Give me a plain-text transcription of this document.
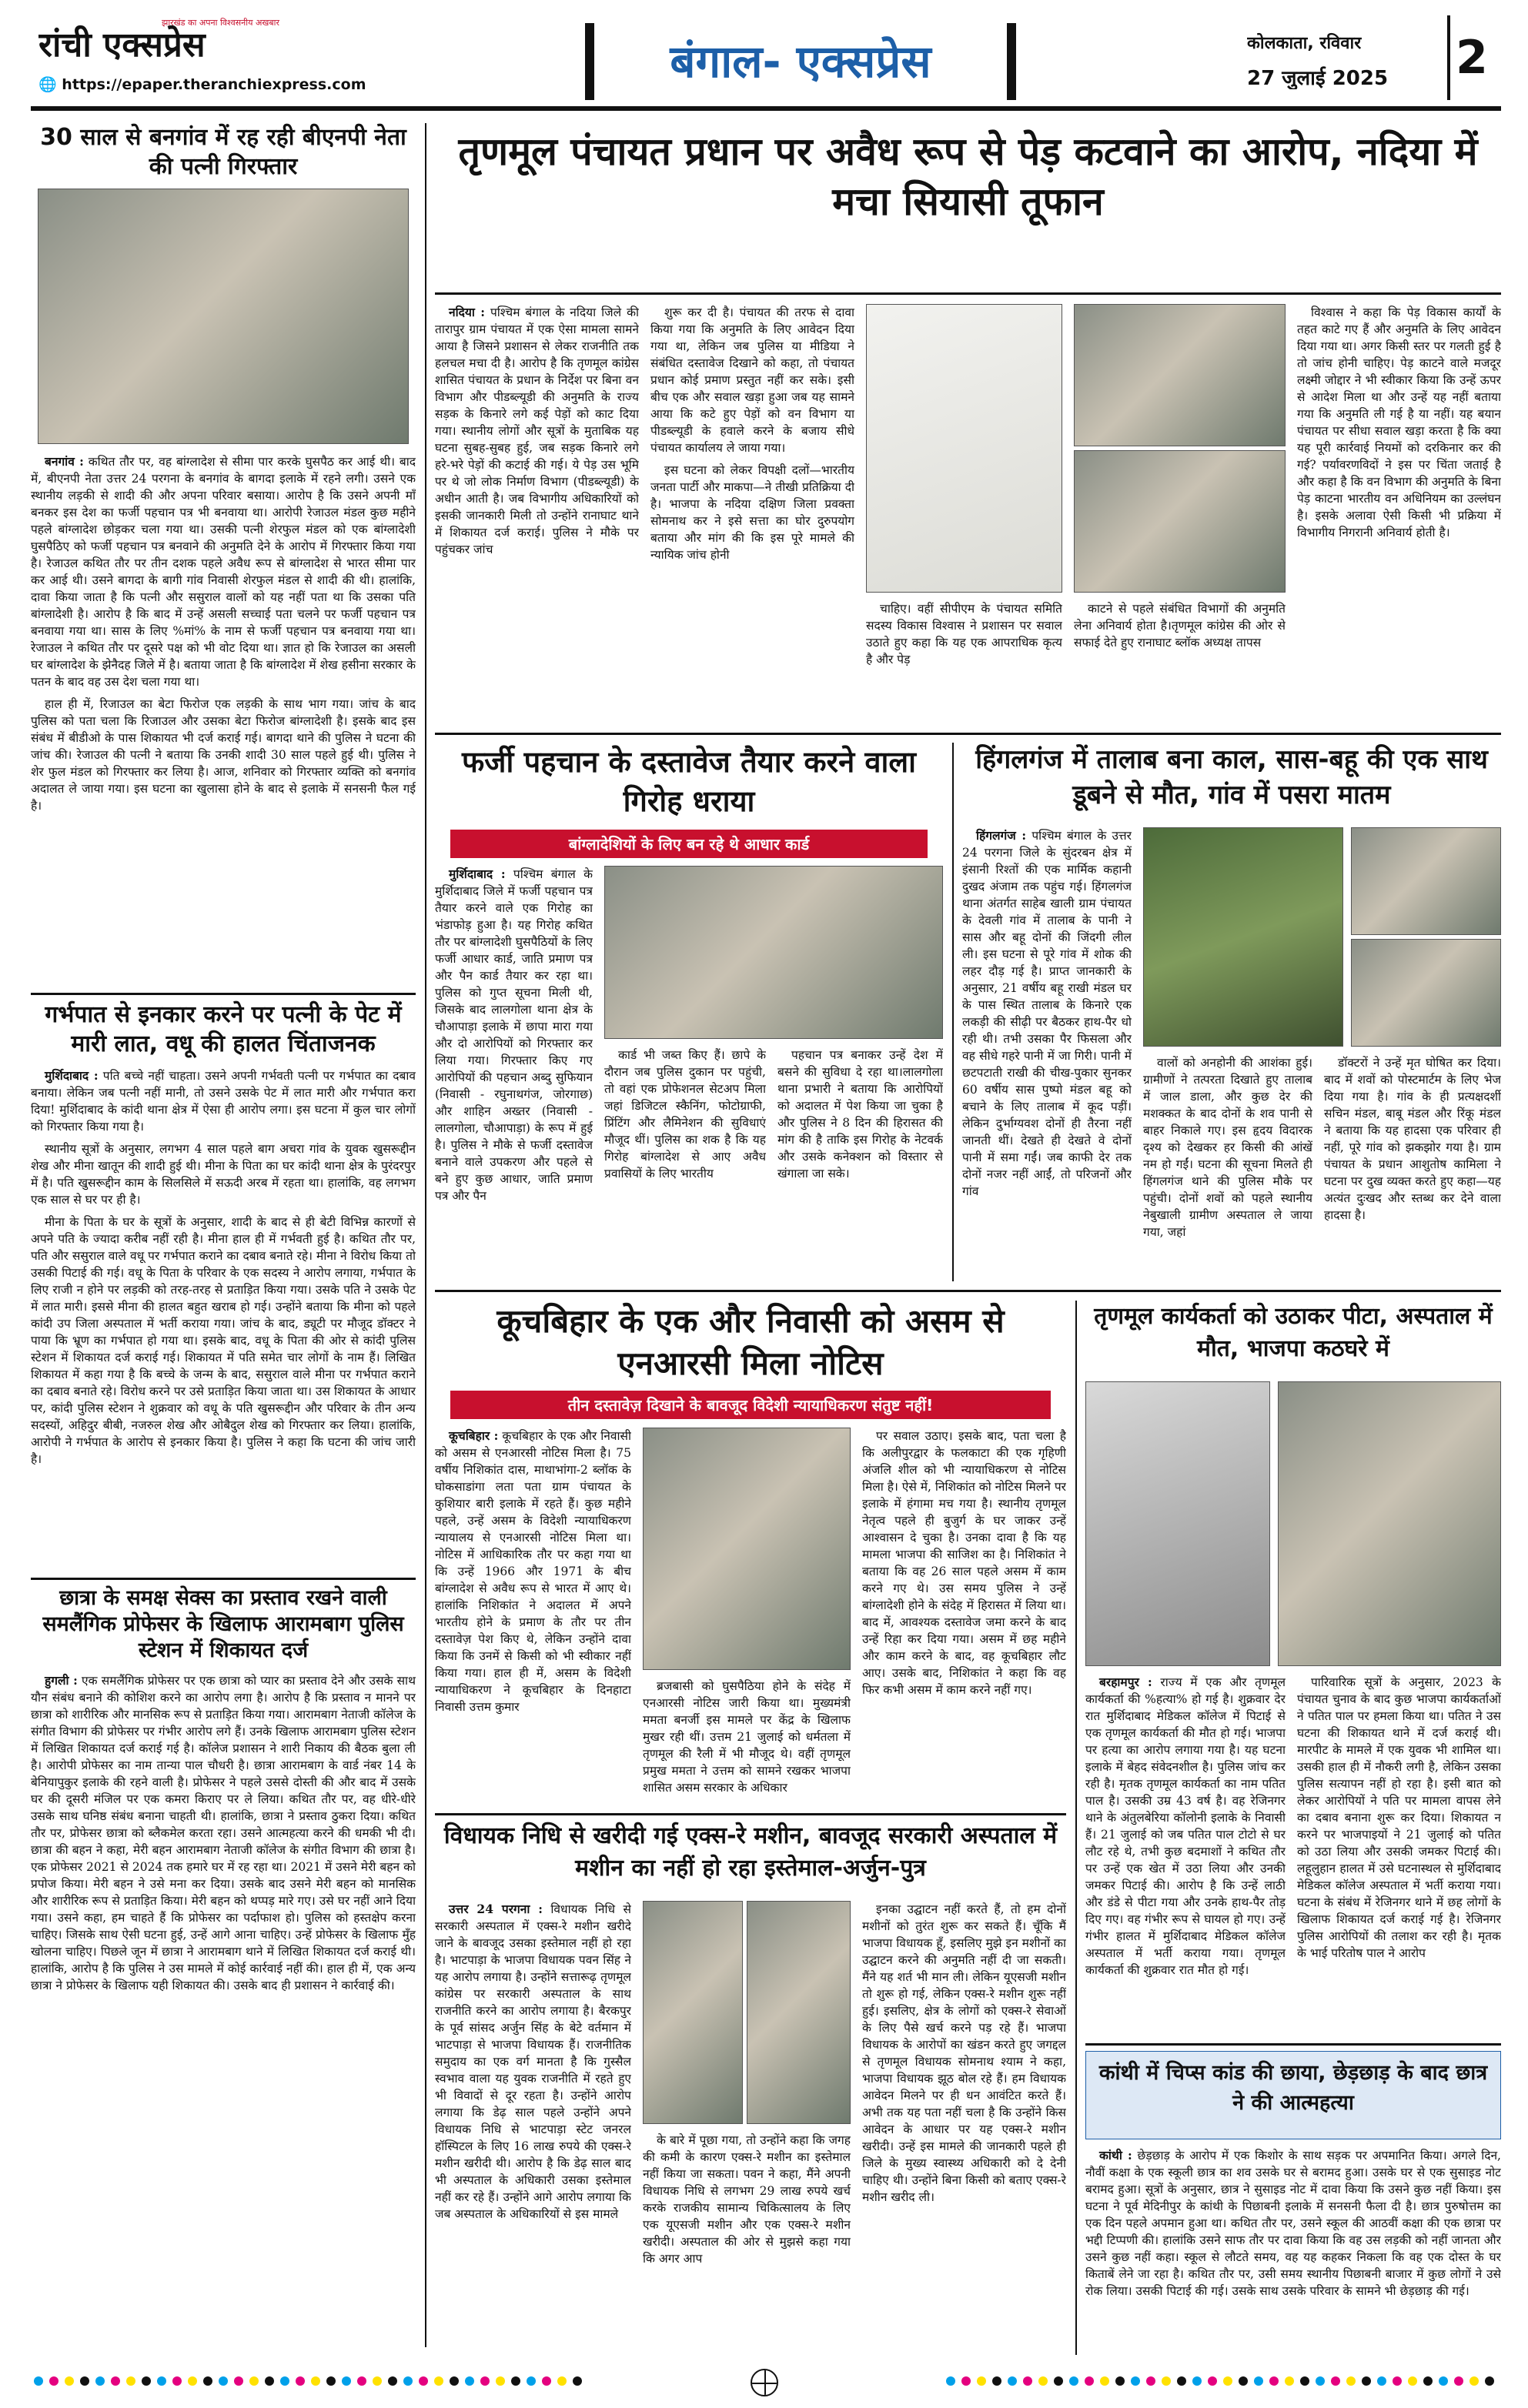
रांची एक्सप्रेस
झारखंड का अपना विश्वसनीय अखबार
🌐 https://epaper.theranchiexpress.com	बंगाल- एक्सप्रेस	कोलकाता, रविवार
27 जुलाई 2025	2
30 साल से बनगांव में रह रही बीएनपी नेता की पत्नी गिरफ्तार

बनगांव : कथित तौर पर, वह बांग्लादेश से सीमा पार करके घुसपैठ कर आई थी। बाद में, बीएनपी नेता उत्तर 24 परगना के बनगांव के बागदा इलाके में रहने लगी। उसने एक स्थानीय लड़की से शादी की और अपना परिवार बसाया। आरोप है कि उसने अपनी माँ बनकर इस देश का फर्जी पहचान पत्र भी बनवाया था। आरोपी रेजाउल मंडल कुछ महीने पहले बांग्लादेश छोड़कर चला गया था। उसकी पत्नी शेरफुल मंडल को एक बांग्लादेशी घुसपैठिए को फर्जी पहचान पत्र बनवाने की अनुमति देने के आरोप में गिरफ्तार किया गया है। रेजाउल कथित तौर पर तीन दशक पहले अवैध रूप से बांग्लादेश से भारत सीमा पार कर आई थी। उसने बागदा के बागी गांव निवासी शेरफुल मंडल से शादी की थी। हालांकि, दावा किया जाता है कि पत्नी और ससुराल वालों को यह नहीं पता था कि उसका पति बांग्लादेशी है। आरोप है कि बाद में उन्हें असली सच्चाई पता चलने पर फर्जी पहचान पत्र बनवाया गया था। सास के लिए %मां% के नाम से फर्जी पहचान पत्र बनवाया गया था। रेजाउल ने कथित तौर पर दूसरे पक्ष को भी वोट दिया था। ज्ञात हो कि रेजाउल का असली घर बांग्लादेश के झेनैदह जिले में है। बताया जाता है कि बांग्लादेश में शेख हसीना सरकार के पतन के बाद वह उस देश चला गया था।

हाल ही में, रिजाउल का बेटा फिरोज एक लड़की के साथ भाग गया। जांच के बाद पुलिस को पता चला कि रिजाउल और उसका बेटा फिरोज बांग्लादेशी है। इसके बाद इस संबंध में बीडीओ के पास शिकायत भी दर्ज कराई गई। बागदा थाने की पुलिस ने घटना की जांच की। रेजाउल की पत्नी ने बताया कि उनकी शादी 30 साल पहले हुई थी। पुलिस ने शेर फुल मंडल को गिरफ्तार कर लिया है। आज, शनिवार को गिरफ्तार व्यक्ति को बनगांव अदालत ले जाया गया। इस घटना का खुलासा होने के बाद से इलाके में सनसनी फैल गई है।

गर्भपात से इनकार करने पर पत्नी के पेट में मारी लात, वधू की हालत चिंताजनक

मुर्शिदाबाद : पति बच्चे नहीं चाहता। उसने अपनी गर्भवती पत्नी पर गर्भपात का दबाव बनाया। लेकिन जब पत्नी नहीं मानी, तो उसने उसके पेट में लात मारी और गर्भपात करा दिया! मुर्शिदाबाद के कांदी थाना क्षेत्र में ऐसा ही आरोप लगा। इस घटना में कुल चार लोगों को गिरफ्तार किया गया है।

स्थानीय सूत्रों के अनुसार, लगभग 4 साल पहले बाग अचरा गांव के युवक खुसरूद्दीन शेख और मीना खातून की शादी हुई थी। मीना के पिता का घर कांदी थाना क्षेत्र के पुरंदरपुर में है। पति खुसरूद्दीन काम के सिलसिले में सऊदी अरब में रहता था। हालांकि, वह लगभग एक साल से घर पर ही है।

मीना के पिता के घर के सूत्रों के अनुसार, शादी के बाद से ही बेटी विभिन्न कारणों से अपने पति के ज्यादा करीब नहीं रही है। मीना हाल ही में गर्भवती हुई है। कथित तौर पर, पति और ससुराल वाले वधू पर गर्भपात कराने का दबाव बनाते रहे। मीना ने विरोध किया तो उसकी पिटाई की गई। वधू के पिता के परिवार के एक सदस्य ने आरोप लगाया, गर्भपात के लिए राजी न होने पर लड़की को तरह-तरह से प्रताड़ित किया गया। उसके पति ने उसके पेट में लात मारी। इससे मीना की हालत बहुत खराब हो गई। उन्होंने बताया कि मीना को पहले कांदी उप जिला अस्पताल में भर्ती कराया गया। जांच के बाद, ड्यूटी पर मौजूद डॉक्टर ने पाया कि भ्रूण का गर्भपात हो गया था। इसके बाद, वधू के पिता की ओर से कांदी पुलिस स्टेशन में शिकायत दर्ज कराई गई। शिकायत में पति समेत चार लोगों के नाम हैं। लिखित शिकायत में कहा गया है कि बच्चे के जन्म के बाद, ससुराल वाले मीना पर गर्भपात कराने का दबाव बनाते रहे। विरोध करने पर उसे प्रताड़ित किया जाता था। उस शिकायत के आधार पर, कांदी पुलिस स्टेशन ने शुक्रवार को वधू के पति खुसरूद्दीन और परिवार के तीन अन्य सदस्यों, अहिदुर बीबी, नजरुल शेख और ओबैदुल शेख को गिरफ्तार कर लिया। हालांकि, आरोपी ने गर्भपात के आरोप से इनकार किया है। पुलिस ने कहा कि घटना की जांच जारी है।

छात्रा के समक्ष सेक्स का प्रस्ताव रखने वाली समलैंगिक प्रोफेसर के खिलाफ आरामबाग पुलिस स्टेशन में शिकायत दर्ज

हुगली : एक समलैंगिक प्रोफेसर पर एक छात्रा को प्यार का प्रस्ताव देने और उसके साथ यौन संबंध बनाने की कोशिश करने का आरोप लगा है। आरोप है कि प्रस्ताव न मानने पर छात्रा को शारीरिक और मानसिक रूप से प्रताड़ित किया गया। आरामबाग नेताजी कॉलेज के संगीत विभाग की प्रोफेसर पर गंभीर आरोप लगे हैं। उनके खिलाफ आरामबाग पुलिस स्टेशन में लिखित शिकायत दर्ज कराई गई है। कॉलेज प्रशासन ने शारी निकाय की बैठक बुला ली है। आरोपी प्रोफेसर का नाम तान्या पाल चौधरी है। छात्रा आरामबाग के वार्ड नंबर 14 के बेनियापुकुर इलाके की रहने वाली है। प्रोफेसर ने पहले उससे दोस्ती की और बाद में उसके घर की दूसरी मंजिल पर एक कमरा किराए पर ले लिया। कथित तौर पर, वह धीरे-धीरे उसके साथ घनिष्ठ संबंध बनाना चाहती थी। हालांकि, छात्रा ने प्रस्ताव ठुकरा दिया। कथित तौर पर, प्रोफेसर छात्रा को ब्लैकमेल करता रहा। उसने आत्महत्या करने की धमकी भी दी। छात्रा की बहन ने कहा, मेरी बहन आरामबाग नेताजी कॉलेज के संगीत विभाग की छात्रा है। एक प्रोफेसर 2021 से 2024 तक हमारे घर में रह रहा था। 2021 में उसने मेरी बहन को प्रपोज किया। मेरी बहन ने उसे मना कर दिया। उसके बाद उसने मेरी बहन को मानसिक और शारीरिक रूप से प्रताड़ित किया। मेरी बहन को थप्पड़ मारे गए। उसे घर नहीं आने दिया गया। उसने कहा, हम चाहते हैं कि प्रोफेसर का पर्दाफाश हो। पुलिस को हस्तक्षेप करना चाहिए। जिसके साथ ऐसी घटना हुई, उन्हें आगे आना चाहिए। उन्हें प्रोफेसर के खिलाफ मुँह खोलना चाहिए। पिछले जून में छात्रा ने आरामबाग थाने में लिखित शिकायत दर्ज कराई थी। हालांकि, आरोप है कि पुलिस ने उस मामले में कोई कार्रवाई नहीं की। हाल ही में, एक अन्य छात्रा ने प्रोफेसर के खिलाफ यही शिकायत की। उसके बाद ही प्रशासन ने कार्रवाई की।

तृणमूल पंचायत प्रधान पर अवैध रूप से पेड़ कटवाने का आरोप, नदिया में मचा सियासी तूफान

नदिया : पश्चिम बंगाल के नदिया जिले की तारापुर ग्राम पंचायत में एक ऐसा मामला सामने आया है जिसने प्रशासन से लेकर राजनीति तक हलचल मचा दी है। आरोप है कि तृणमूल कांग्रेस शासित पंचायत के प्रधान के निर्देश पर बिना वन विभाग और पीडब्ल्यूडी की अनुमति के राज्य सड़क के किनारे लगे कई पेड़ों को काट दिया गया। स्थानीय लोगों और सूत्रों के मुताबिक यह घटना सुबह-सुबह हुई, जब सड़क किनारे लगे हरे-भरे पेड़ों की कटाई की गई। ये पेड़ उस भूमि पर थे जो लोक निर्माण विभाग (पीडब्ल्यूडी) के अधीन आती है। जब विभागीय अधिकारियों को इसकी जानकारी मिली तो उन्होंने रानाघाट थाने में शिकायत दर्ज कराई। पुलिस ने मौके पर पहुंचकर जांच

शुरू कर दी है। पंचायत की तरफ से दावा किया गया कि अनुमति के लिए आवेदन दिया गया था, लेकिन जब पुलिस या मीडिया ने संबंधित दस्तावेज दिखाने को कहा, तो पंचायत प्रधान कोई प्रमाण प्रस्तुत नहीं कर सके। इसी बीच एक और सवाल खड़ा हुआ जब यह सामने आया कि कटे हुए पेड़ों को वन विभाग या पीडब्ल्यूडी के हवाले करने के बजाय सीधे पंचायत कार्यालय ले जाया गया।

इस घटना को लेकर विपक्षी दलों—भारतीय जनता पार्टी और माकपा—ने तीखी प्रतिक्रिया दी है। भाजपा के नदिया दक्षिण जिला प्रवक्ता सोमनाथ कर ने इसे सत्ता का घोर दुरुपयोग बताया और मांग की कि इस पूरे मामले की न्यायिक जांच होनी

चाहिए। वहीं सीपीएम के पंचायत समिति सदस्य विकास विश्वास ने प्रशासन पर सवाल उठाते हुए कहा कि यह एक आपराधिक कृत्य है और पेड़

काटने से पहले संबंधित विभागों की अनुमति लेना अनिवार्य होता है।तृणमूल कांग्रेस की ओर से सफाई देते हुए रानाघाट ब्लॉक अध्यक्ष तापस

विश्वास ने कहा कि पेड़ विकास कार्यों के तहत काटे गए हैं और अनुमति के लिए आवेदन दिया गया था। अगर किसी स्तर पर गलती हुई है तो जांच होनी चाहिए। पेड़ काटने वाले मजदूर लक्ष्मी जोद्दार ने भी स्वीकार किया कि उन्हें ऊपर से आदेश मिला था और उन्हें यह नहीं बताया गया कि अनुमति ली गई है या नहीं। यह बयान पंचायत पर सीधा सवाल खड़ा करता है कि क्या यह पूरी कार्रवाई नियमों को दरकिनार कर की गई? पर्यावरणविदों ने इस पर चिंता जताई है और कहा है कि वन विभाग की अनुमति के बिना पेड़ काटना भारतीय वन अधिनियम का उल्लंघन है। इसके अलावा ऐसी किसी भी प्रक्रिया में विभागीय निगरानी अनिवार्य होती है।

फर्जी पहचान के दस्तावेज तैयार करने वाला गिरोह धराया
बांग्लादेशियों के लिए बन रहे थे आधार कार्ड

मुर्शिदाबाद : पश्चिम बंगाल के मुर्शिदाबाद जिले में फर्जी पहचान पत्र तैयार करने वाले एक गिरोह का भंडाफोड़ हुआ है। यह गिरोह कथित तौर पर बांग्लादेशी घुसपैठियों के लिए फर्जी आधार कार्ड, जाति प्रमाण पत्र और पैन कार्ड तैयार कर रहा था। पुलिस को गुप्त सूचना मिली थी, जिसके बाद लालगोला थाना क्षेत्र के चौआपाड़ा इलाके में छापा मारा गया और दो आरोपियों को गिरफ्तार कर लिया गया। गिरफ्तार किए गए आरोपियों की पहचान अब्दु सुफियान (निवासी - रघुनाथगंज, जोरगाछ) और शाहिन अख्तर (निवासी - लालगोला, चौआपाड़ा) के रूप में हुई है। पुलिस ने मौके से फर्जी दस्तावेज बनाने वाले उपकरण और पहले से बने हुए कुछ आधार, जाति प्रमाण पत्र और पैन

कार्ड भी जब्त किए हैं। छापे के दौरान जब पुलिस दुकान पर पहुंची, तो वहां एक प्रोफेशनल सेटअप मिला जहां डिजिटल स्कैनिंग, फोटोग्राफी, प्रिंटिंग और लैमिनेशन की सुविधाएं मौजूद थीं। पुलिस का शक है कि यह गिरोह बांग्लादेश से आए अवैध प्रवासियों के लिए भारतीय

पहचान पत्र बनाकर उन्हें देश में बसने की सुविधा दे रहा था।लालगोला थाना प्रभारी ने बताया कि आरोपियों को अदालत में पेश किया जा चुका है और पुलिस ने 8 दिन की हिरासत की मांग की है ताकि इस गिरोह के नेटवर्क और उसके कनेक्शन को विस्तार से खंगाला जा सके।

हिंगलगंज में तालाब बना काल, सास-बहू की एक साथ डूबने से मौत, गांव में पसरा मातम

हिंगलगंज : पश्चिम बंगाल के उत्तर 24 परगना जिले के सुंदरबन क्षेत्र में इंसानी रिश्तों की एक मार्मिक कहानी दुखद अंजाम तक पहुंच गई। हिंगलगंज थाना अंतर्गत साहेब खाली ग्राम पंचायत के देवली गांव में तालाब के पानी ने सास और बहू दोनों की जिंदगी लील ली। इस घटना से पूरे गांव में शोक की लहर दौड़ गई है। प्राप्त जानकारी के अनुसार, 21 वर्षीय बहू राखी मंडल घर के पास स्थित तालाब के किनारे एक लकड़ी की सीढ़ी पर बैठकर हाथ-पैर धो रही थी। तभी उसका पैर फिसला और वह सीधे गहरे पानी में जा गिरी। पानी में छटपटाती राखी की चीख-पुकार सुनकर 60 वर्षीय सास पुष्पो मंडल बहू को बचाने के लिए तालाब में कूद पड़ीं। लेकिन दुर्भाग्यवश दोनों ही तैरना नहीं जानती थीं। देखते ही देखते वे दोनों पानी में समा गईं। जब काफी देर तक दोनों नजर नहीं आईं, तो परिजनों और गांव

वालों को अनहोनी की आशंका हुई। ग्रामीणों ने तत्परता दिखाते हुए तालाब में जाल डाला, और कुछ देर की मशक्कत के बाद दोनों के शव पानी से बाहर निकाले गए। इस हृदय विदारक दृश्य को देखकर हर किसी की आंखें नम हो गईं। घटना की सूचना मिलते ही हिंगलगंज थाने की पुलिस मौके पर पहुंची। दोनों शवों को पहले स्थानीय नेबुखाली ग्रामीण अस्पताल ले जाया गया, जहां

डॉक्टरों ने उन्हें मृत घोषित कर दिया। बाद में शवों को पोस्टमार्टम के लिए भेज दिया गया है। गांव के ही प्रत्यक्षदर्शी सचिन मंडल, बाबू मंडल और रिंकू मंडल ने बताया कि यह हादसा एक परिवार ही नहीं, पूरे गांव को झकझोर गया है। ग्राम पंचायत के प्रधान आशुतोष कामिला ने घटना पर दुख व्यक्त करते हुए कहा—यह अत्यंत दुःखद और स्तब्ध कर देने वाला हादसा है।

कूचबिहार के एक और निवासी को असम से एनआरसी मिला नोटिस
तीन दस्तावेज़ दिखाने के बावजूद विदेशी न्यायाधिकरण संतुष्ट नहीं!

कूचबिहार : कूचबिहार के एक और निवासी को असम से एनआरसी नोटिस मिला है। 75 वर्षीय निशिकांत दास, माथाभांगा-2 ब्लॉक के घोकसाडांगा लता पता ग्राम पंचायत के कुशियार बारी इलाके में रहते हैं। कुछ महीने पहले, उन्हें असम के विदेशी न्यायाधिकरण न्यायालय से एनआरसी नोटिस मिला था। नोटिस में आधिकारिक तौर पर कहा गया था कि उन्हें 1966 और 1971 के बीच बांग्लादेश से अवैध रूप से भारत में आए थे। हालांकि निशिकांत ने अदालत में अपने भारतीय होने के प्रमाण के तौर पर तीन दस्तावेज़ पेश किए थे, लेकिन उन्होंने दावा किया कि उनमें से किसी को भी स्वीकार नहीं किया गया। हाल ही में, असम के विदेशी न्यायाधिकरण ने कूचबिहार के दिनहाटा निवासी उत्तम कुमार

ब्रजबासी को घुसपैठिया होने के संदेह में एनआरसी नोटिस जारी किया था। मुख्यमंत्री ममता बनर्जी इस मामले पर केंद्र के खिलाफ मुखर रही थीं। उत्तम 21 जुलाई को धर्मतला में तृणमूल की रैली में भी मौजूद थे। वहीं तृणमूल प्रमुख ममता ने उत्तम को सामने रखकर भाजपा शासित असम सरकार के अधिकार

पर सवाल उठाए। इसके बाद, पता चला है कि अलीपुरद्वार के फलकाटा की एक गृहिणी अंजलि शील को भी न्यायाधिकरण से नोटिस मिला है। ऐसे में, निशिकांत को नोटिस मिलने पर इलाके में हंगामा मच गया है। स्थानीय तृणमूल नेतृत्व पहले ही बुजुर्ग के घर जाकर उन्हें आश्वासन दे चुका है। उनका दावा है कि यह मामला भाजपा की साजिश का है। निशिकांत ने बताया कि वह 26 साल पहले असम में काम करने गए थे। उस समय पुलिस ने उन्हें बांग्लादेशी होने के संदेह में हिरासत में लिया था। बाद में, आवश्यक दस्तावेज जमा करने के बाद उन्हें रिहा कर दिया गया। असम में छह महीने और काम करने के बाद, वह कूचबिहार लौट आए। उसके बाद, निशिकांत ने कहा कि वह फिर कभी असम में काम करने नहीं गए।

तृणमूल कार्यकर्ता को उठाकर पीटा, अस्पताल में मौत, भाजपा कठघरे में

बरहामपुर : राज्य में एक और तृणमूल कार्यकर्ता की %हत्या% हो गई है। शुक्रवार देर रात मुर्शिदाबाद मेडिकल कॉलेज में पिटाई से एक तृणमूल कार्यकर्ता की मौत हो गई। भाजपा पर हत्या का आरोप लगाया गया है। यह घटना इलाके में बेहद संवेदनशील है। पुलिस जांच कर रही है। मृतक तृणमूल कार्यकर्ता का नाम पतित पाल है। उसकी उम्र 43 वर्ष है। वह रेजिनगर थाने के अंतुलबेरिया कॉलोनी इलाके के निवासी हैं। 21 जुलाई को जब पतित पाल टोटो से घर लौट रहे थे, तभी कुछ बदमाशों ने कथित तौर पर उन्हें एक खेत में उठा लिया और उनकी जमकर पिटाई की। आरोप है कि उन्हें लाठी और डंडे से पीटा गया और उनके हाथ-पैर तोड़ दिए गए। वह गंभीर रूप से घायल हो गए। उन्हें गंभीर हालत में मुर्शिदाबाद मेडिकल कॉलेज अस्पताल में भर्ती कराया गया। तृणमूल कार्यकर्ता की शुक्रवार रात मौत हो गई।

पारिवारिक सूत्रों के अनुसार, 2023 के पंचायत चुनाव के बाद कुछ भाजपा कार्यकर्ताओं ने पतित पाल पर हमला किया था। पतित ने उस घटना की शिकायत थाने में दर्ज कराई थी। मारपीट के मामले में एक युवक भी शामिल था। उसकी हाल ही में नौकरी लगी है, लेकिन उसका पुलिस सत्यापन नहीं हो रहा है। इसी बात को लेकर आरोपियों ने पति पर मामला वापस लेने का दबाव बनाना शुरू कर दिया। शिकायत न करने पर भाजपाइयों ने 21 जुलाई को पतित को उठा लिया और उसकी जमकर पिटाई की। लहूलुहान हालत में उसे घटनास्थल से मुर्शिदाबाद मेडिकल कॉलेज अस्पताल में भर्ती कराया गया। घटना के संबंध में रेजिनगर थाने में छह लोगों के खिलाफ शिकायत दर्ज कराई गई है। रेजिनगर पुलिस आरोपियों की तलाश कर रही है। मृतक के भाई परितोष पाल ने आरोप

विधायक निधि से खरीदी गई एक्स-रे मशीन, बावजूद सरकारी अस्पताल में मशीन का नहीं हो रहा इस्तेमाल-अर्जुन-पुत्र

उत्तर 24 परगना : विधायक निधि से सरकारी अस्पताल में एक्स-रे मशीन खरीदे जाने के बावजूद उसका इस्तेमाल नहीं हो रहा है। भाटपाड़ा के भाजपा विधायक पवन सिंह ने यह आरोप लगाया है। उन्होंने सत्तारूढ़ तृणमूल कांग्रेस पर सरकारी अस्पताल के साथ राजनीति करने का आरोप लगाया है। बैरकपुर के पूर्व सांसद अर्जुन सिंह के बेटे वर्तमान में भाटपाड़ा से भाजपा विधायक हैं। राजनीतिक समुदाय का एक वर्ग मानता है कि गुस्सैल स्वभाव वाला यह युवक राजनीति में रहते हुए भी विवादों से दूर रहता है। उन्होंने आरोप लगाया कि डेढ़ साल पहले उन्होंने अपने विधायक निधि से भाटपाड़ा स्टेट जनरल हॉस्पिटल के लिए 16 लाख रुपये की एक्स-रे मशीन खरीदी थी। आरोप है कि डेढ़ साल बाद भी अस्पताल के अधिकारी उसका इस्तेमाल नहीं कर रहे हैं। उन्होंने आगे आरोप लगाया कि जब अस्पताल के अधिकारियों से इस मामले

के बारे में पूछा गया, तो उन्होंने कहा कि जगह की कमी के कारण एक्स-रे मशीन का इस्तेमाल नहीं किया जा सकता। पवन ने कहा, मैंने अपनी विधायक निधि से लगभग 29 लाख रुपये खर्च करके राजकीय सामान्य चिकित्सालय के लिए एक यूएसजी मशीन और एक एक्स-रे मशीन खरीदी। अस्पताल की ओर से मुझसे कहा गया कि अगर आप

इनका उद्घाटन नहीं करते हैं, तो हम दोनों मशीनों को तुरंत शुरू कर सकते हैं। चूँकि मैं भाजपा विधायक हूँ, इसलिए मुझे इन मशीनों का उद्घाटन करने की अनुमति नहीं दी जा सकती। मैंने यह शर्त भी मान ली। लेकिन यूएसजी मशीन तो शुरू हो गई, लेकिन एक्स-रे मशीन शुरू नहीं हुई। इसलिए, क्षेत्र के लोगों को एक्स-रे सेवाओं के लिए पैसे खर्च करने पड़ रहे हैं। भाजपा विधायक के आरोपों का खंडन करते हुए जगद्दल से तृणमूल विधायक सोमनाथ श्याम ने कहा, भाजपा विधायक झूठ बोल रहे हैं। हम विधायक आवेदन मिलने पर ही धन आवंटित करते हैं। अभी तक यह पता नहीं चला है कि उन्होंने किस आवेदन के आधार पर यह एक्स-रे मशीन खरीदी। उन्हें इस मामले की जानकारी पहले ही जिले के मुख्य स्वास्थ्य अधिकारी को दे देनी चाहिए थी। उन्होंने बिना किसी को बताए एक्स-रे मशीन खरीद ली।

कांथी में चिप्स कांड की छाया, छेड़छाड़ के बाद छात्र ने की आत्महत्या

कांथी : छेड़छाड़ के आरोप में एक किशोर के साथ सड़क पर अपमानित किया। अगले दिन, नौवीं कक्षा के एक स्कूली छात्र का शव उसके घर से बरामद हुआ। उसके घर से एक सुसाइड नोट बरामद हुआ। सूत्रों के अनुसार, छात्र ने सुसाइड नोट में दावा किया कि उसने कुछ नहीं किया। इस घटना ने पूर्व मेदिनीपुर के कांथी के पिछाबनी इलाके में सनसनी फैला दी है। छात्र पुरुषोत्तम का एक दिन पहले अपमान हुआ था। कथित तौर पर, उसने स्कूल की आठवीं कक्षा की एक छात्रा पर भद्दी टिप्पणी की। हालांकि उसने साफ तौर पर दावा किया कि वह उस लड़की को नहीं जानता और उसने कुछ नहीं कहा। स्कूल से लौटते समय, वह यह कहकर निकला कि वह एक दोस्त के घर किताबें लेने जा रहा है। कथित तौर पर, उसी समय स्थानीय पिछाबनी बाजार में कुछ लोगों ने उसे रोक लिया। उसकी पिटाई की गई। उसके साथ उसके परिवार के सामने भी छेड़छाड़ की गई।
